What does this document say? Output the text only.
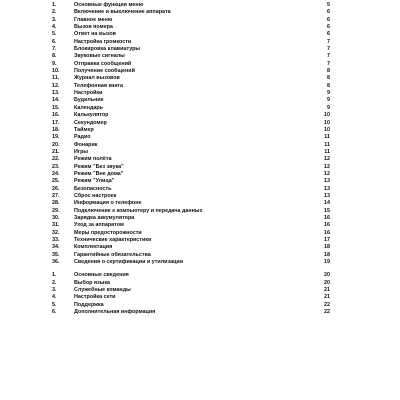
1.	Основные функции меню	5
2.	Включение и выключение аппарата	6
3.	Главное меню	6
4.	Вызов номера	6
5.	Ответ на вызов	6
6.	Настройка громкости	7
7.	Блокировка клавиатуры	7
8.	Звуковые сигналы	7
9.	Отправка сообщений	7
10.	Получение сообщений	8
11.	Журнал вызовов	8
12.	Телефонная книга	8
13.	Настройки	9
14.	Будильник	9
15.	Календарь	9
16.	Калькулятор	10
17.	Секундомер	10
18.	Таймер	10
19.	Радио	11
20.	Фонарик	11
21.	Игры	11
22.	Режим полёта	12
23.	Режим "Без звука"	12
24.	Режим "Вне дома"	12
25.	Режим "Улица"	13
26.	Безопасность	13
27.	Сброс настроек	13
28.	Информация о телефоне	14
29.	Подключение к компьютеру и передача данных	15
30.	Зарядка аккумулятора	16
31.	Уход за аппаратом	16
32.	Меры предосторожности	16
33.	Технические характеристики	17
34.	Комплектация	18
35.	Гарантийные обязательства	18
36.	Сведения о сертификации и утилизации	19
1.	Основные сведения	20
2.	Выбор языка	20
3.	Служебные команды	21
4.	Настройка сети	21
5.	Поддержка	22
6.	Дополнительная информация	22
